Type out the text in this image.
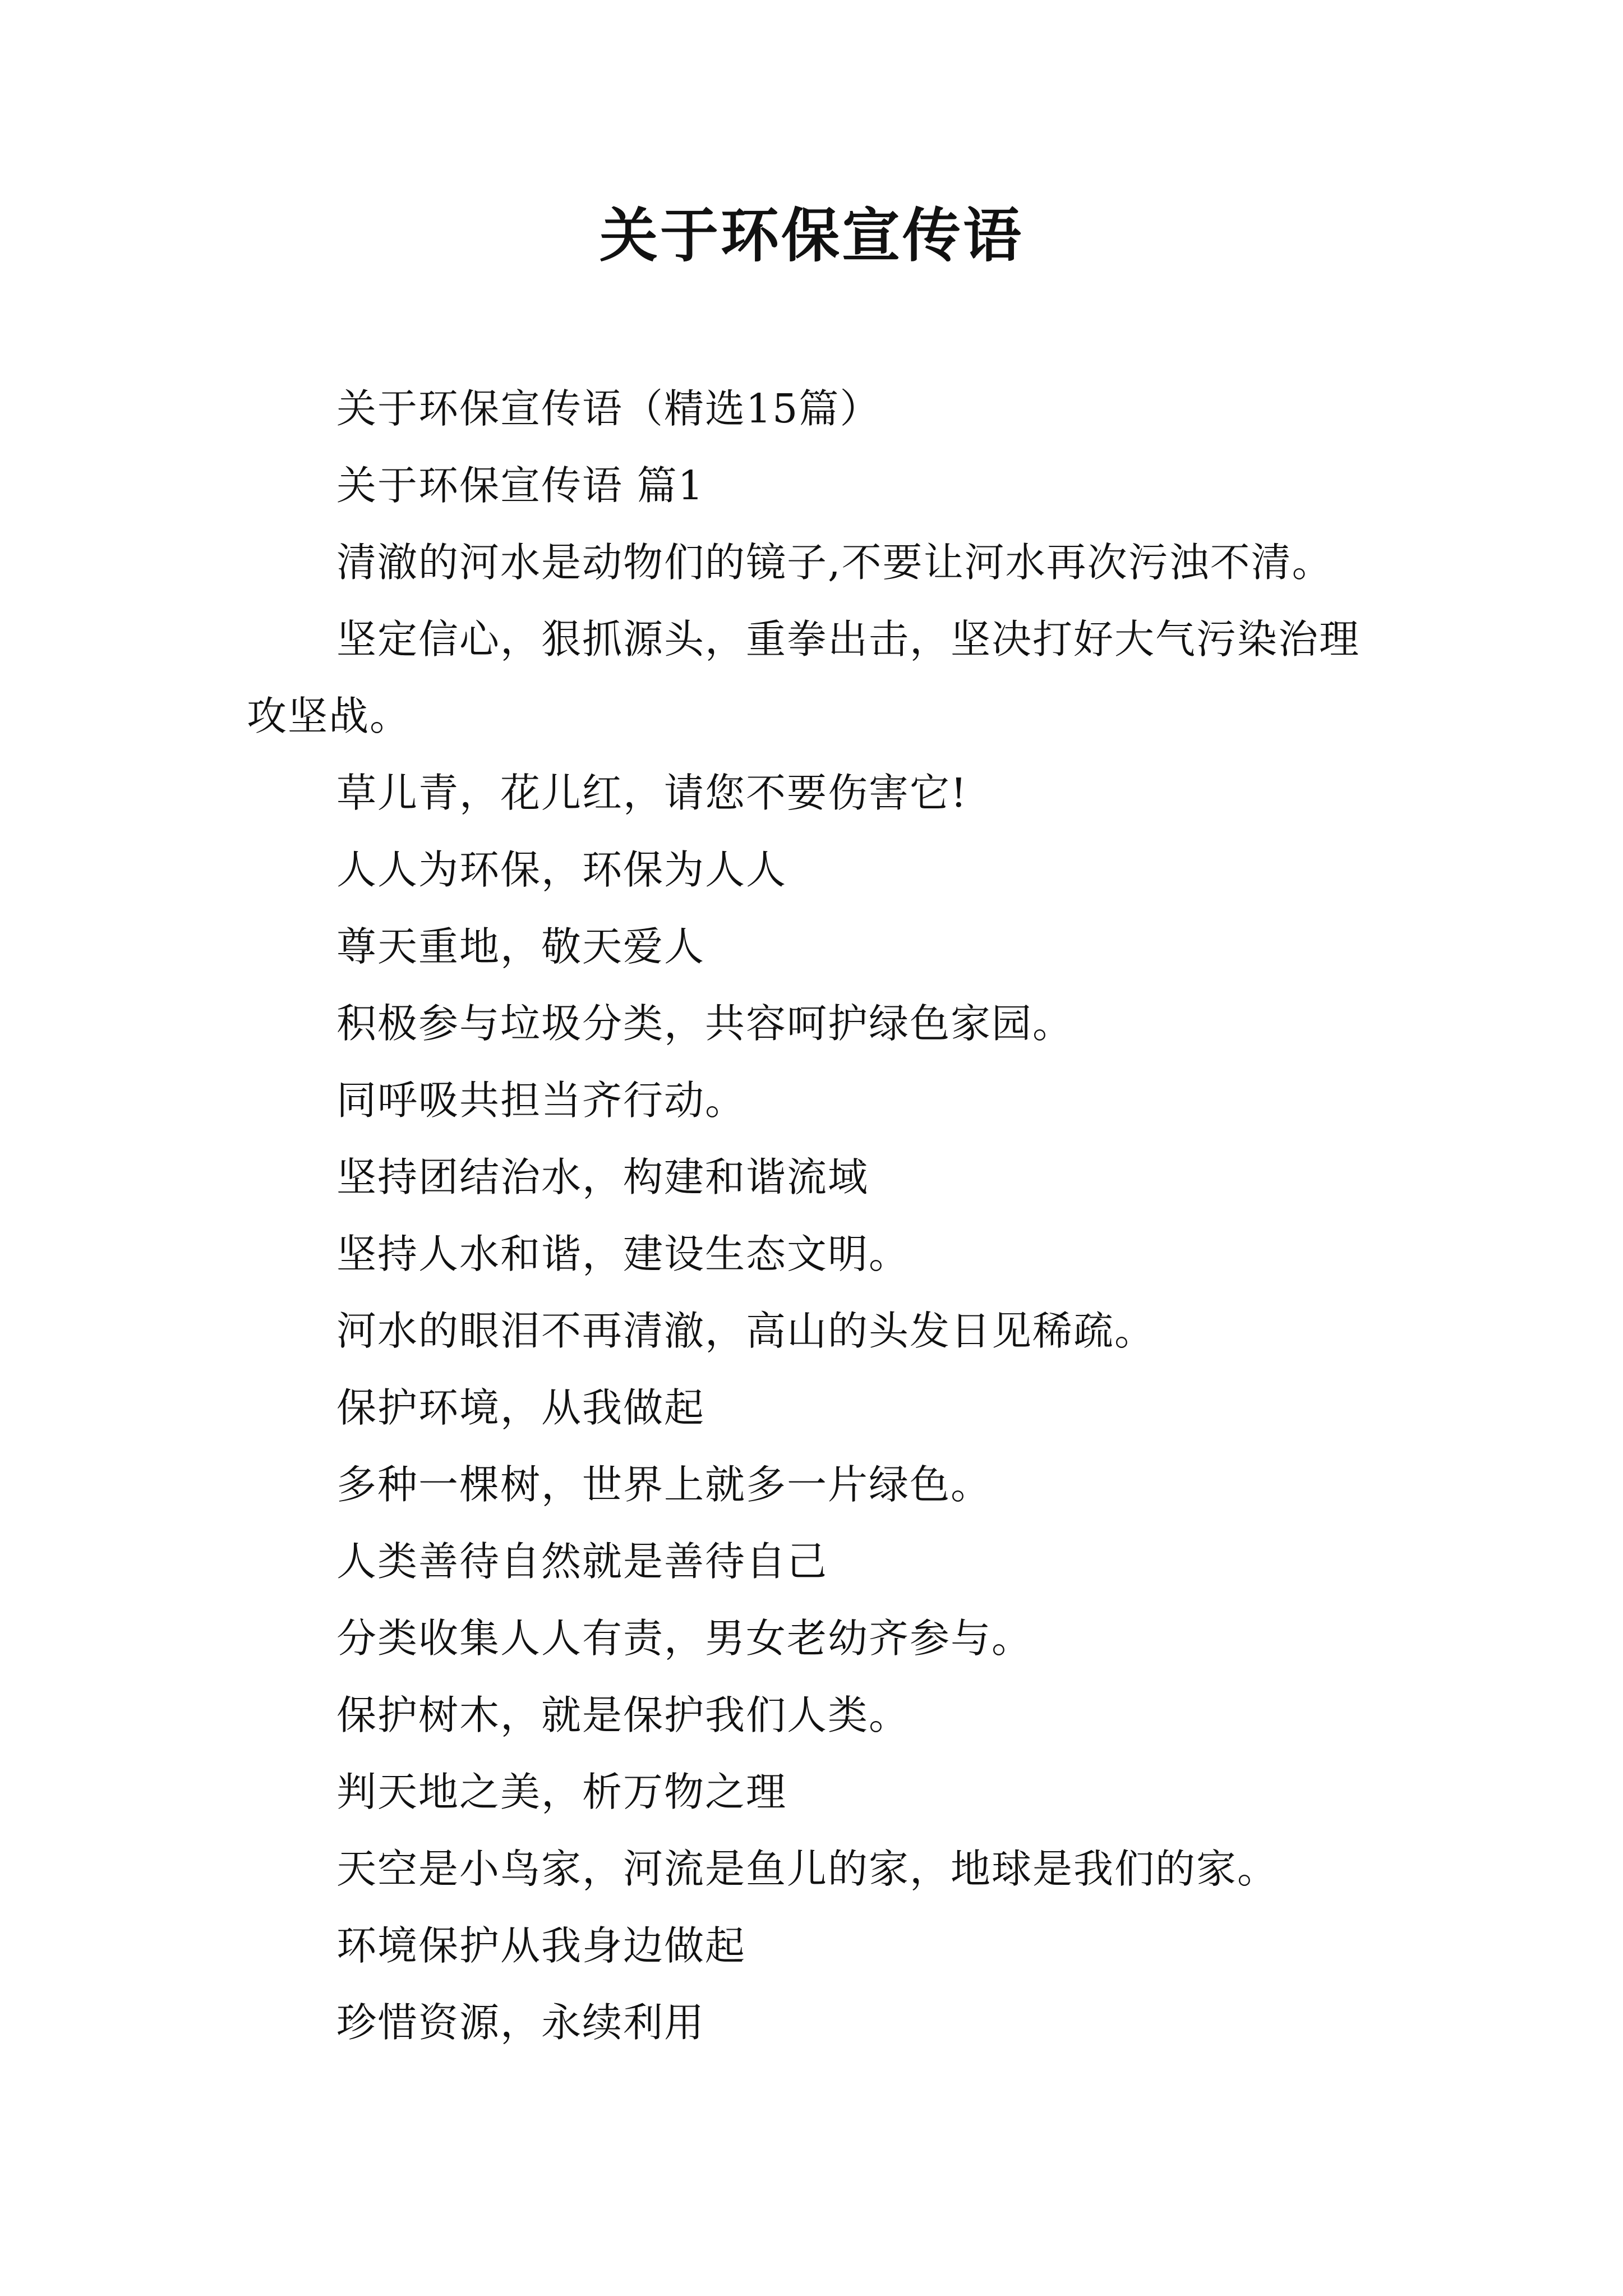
关于环保宣传语

关于环保宣传语（精选15篇）

关于环保宣传语 篇1

清澈的河水是动物们的镜子,不要让河水再次污浊不清。

坚定信心，狠抓源头，重拳出击，坚决打好大气污染治理攻坚战。

草儿青，花儿红，请您不要伤害它!

人人为环保，环保为人人

尊天重地，敬天爱人

积极参与垃圾分类，共容呵护绿色家园。

同呼吸共担当齐行动。

坚持团结治水，构建和谐流域

坚持人水和谐，建设生态文明。

河水的眼泪不再清澈，高山的头发日见稀疏。

保护环境，从我做起

多种一棵树，世界上就多一片绿色。

人类善待自然就是善待自己

分类收集人人有责，男女老幼齐参与。

保护树木，就是保护我们人类。

判天地之美，析万物之理

天空是小鸟家，河流是鱼儿的家，地球是我们的家。

环境保护从我身边做起

珍惜资源，永续利用
